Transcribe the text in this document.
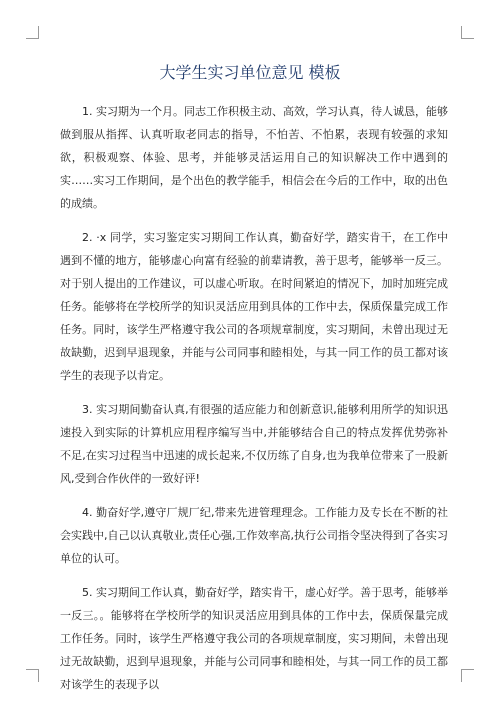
大学生实习单位意见 模板

1. 实习期为一个月。同志工作积极主动、高效，学习认真，待人诚恳，能够做到服从指挥、认真听取老同志的指导，不怕苦、不怕累，表现有较强的求知欲，积极观察、体验、思考，并能够灵活运用自己的知识解决工作中遇到的实……实习工作期间，是个出色的教学能手，相信会在今后的工作中，取的出色的成绩。

2. ·x 同学，实习鉴定实习期间工作认真，勤奋好学，踏实肯干，在工作中遇到不懂的地方，能够虚心向富有经验的前辈请教，善于思考，能够举一反三。对于别人提出的工作建议，可以虚心听取。在时间紧迫的情况下，加时加班完成任务。能够将在学校所学的知识灵活应用到具体的工作中去，保质保量完成工作任务。同时，该学生严格遵守我公司的各项规章制度，实习期间，未曾出现过无故缺勤，迟到早退现象，并能与公司同事和睦相处，与其一同工作的员工都对该学生的表现予以肯定。

3. 实习期间勤奋认真,有很强的适应能力和创新意识,能够利用所学的知识迅速投入到实际的计算机应用程序编写当中,并能够结合自己的特点发挥优势弥补不足,在实习过程当中迅速的成长起来,不仅历练了自身,也为我单位带来了一股新风,受到合作伙伴的一致好评!

4. 勤奋好学,遵守厂规厂纪,带来先进管理理念。工作能力及专长在不断的社会实践中,自己以认真敬业,责任心强,工作效率高,执行公司指令坚决得到了各实习单位的认可。

5. 实习期间工作认真，勤奋好学，踏实肯干，虚心好学。善于思考，能够举一反三。。能够将在学校所学的知识灵活应用到具体的工作中去，保质保量完成工作任务。同时，该学生严格遵守我公司的各项规章制度，实习期间，未曾出现过无故缺勤，迟到早退现象，并能与公司同事和睦相处，与其一同工作的员工都对该学生的表现予以
